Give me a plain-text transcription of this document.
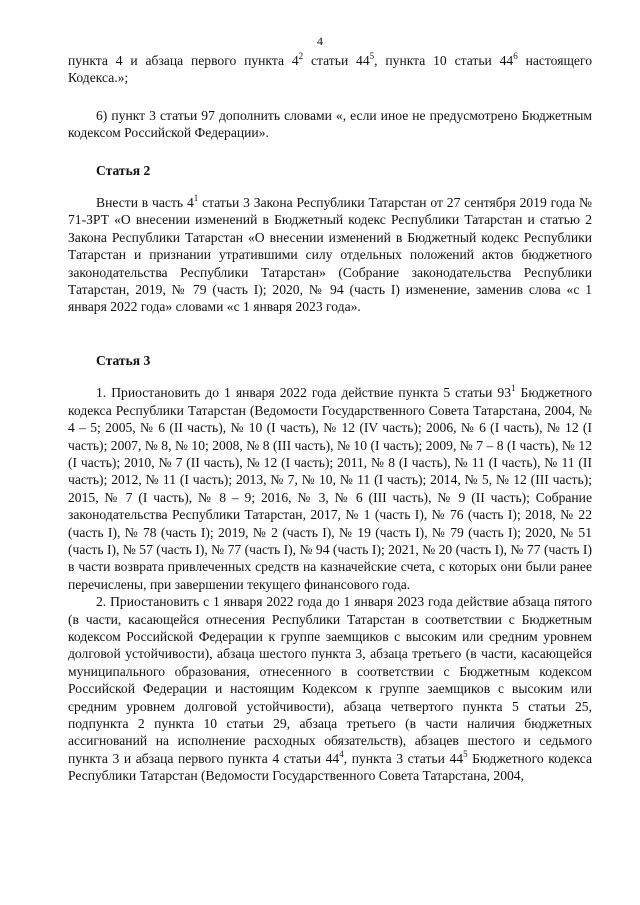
4

пункта 4 и абзаца первого пункта $4^2$ статьи $44^5$, пункта 10 статьи $44^6$ настоящего Кодекса.»;

6) пункт 3 статьи 97 дополнить словами «, если иное не предусмотрено Бюджетным кодексом Российской Федерации».

Статья 2

Внести в часть $4^1$ статьи 3 Закона Республики Татарстан от 27 сентября 2019 года № 71-ЗРТ «О внесении изменений в Бюджетный кодекс Республики Татарстан и статью 2 Закона Республики Татарстан «О внесении изменений в Бюджетный кодекс Республики Татарстан и признании утратившими силу отдельных положений актов бюджетного законодательства Республики Татарстан» (Собрание законодательства Республики Татарстан, 2019, № 79 (часть I); 2020, № 94 (часть I) изменение, заменив слова «с 1 января 2022 года» словами «с 1 января 2023 года».

Статья 3

1. Приостановить до 1 января 2022 года действие пункта 5 статьи $93^1$ Бюджетного кодекса Республики Татарстан (Ведомости Государственного Совета Татарстана, 2004, № 4 – 5; 2005, № 6 (II часть), № 10 (I часть), № 12 (IV часть); 2006, № 6 (I часть), № 12 (I часть); 2007, № 8, № 10; 2008, № 8 (III часть), № 10 (I часть); 2009, № 7 – 8 (I часть), № 12 (I часть); 2010, № 7 (II часть), № 12 (I часть); 2011, № 8 (I часть), № 11 (I часть), № 11 (II часть); 2012, № 11 (I часть); 2013, № 7, № 10, № 11 (I часть); 2014, № 5, № 12 (III часть); 2015, № 7 (I часть), № 8 – 9; 2016, № 3, № 6 (III часть), № 9 (II часть); Собрание законодательства Республики Татарстан, 2017, № 1 (часть I), № 76 (часть I); 2018, № 22 (часть I), № 78 (часть I); 2019, № 2 (часть I), № 19 (часть I), № 79 (часть I); 2020, № 51 (часть I), № 57 (часть I), № 77 (часть I), № 94 (часть I); 2021, № 20 (часть I), № 77 (часть I) в части возврата привлеченных средств на казначейские счета, с которых они были ранее перечислены, при завершении текущего финансового года.

2. Приостановить с 1 января 2022 года до 1 января 2023 года действие абзаца пятого (в части, касающейся отнесения Республики Татарстан в соответствии с Бюджетным кодексом Российской Федерации к группе заемщиков с высоким или средним уровнем долговой устойчивости), абзаца шестого пункта 3, абзаца третьего (в части, касающейся муниципального образования, отнесенного в соответствии с Бюджетным кодексом Российской Федерации и настоящим Кодексом к группе заемщиков с высоким или средним уровнем долговой устойчивости), абзаца четвертого пункта 5 статьи 25, подпункта 2 пункта 10 статьи 29, абзаца третьего (в части наличия бюджетных ассигнований на исполнение расходных обязательств), абзацев шестого и седьмого пункта 3 и абзаца первого пункта 4 статьи $44^4$, пункта 3 статьи $44^5$ Бюджетного кодекса Республики Татарстан (Ведомости Государственного Совета Татарстана, 2004,
